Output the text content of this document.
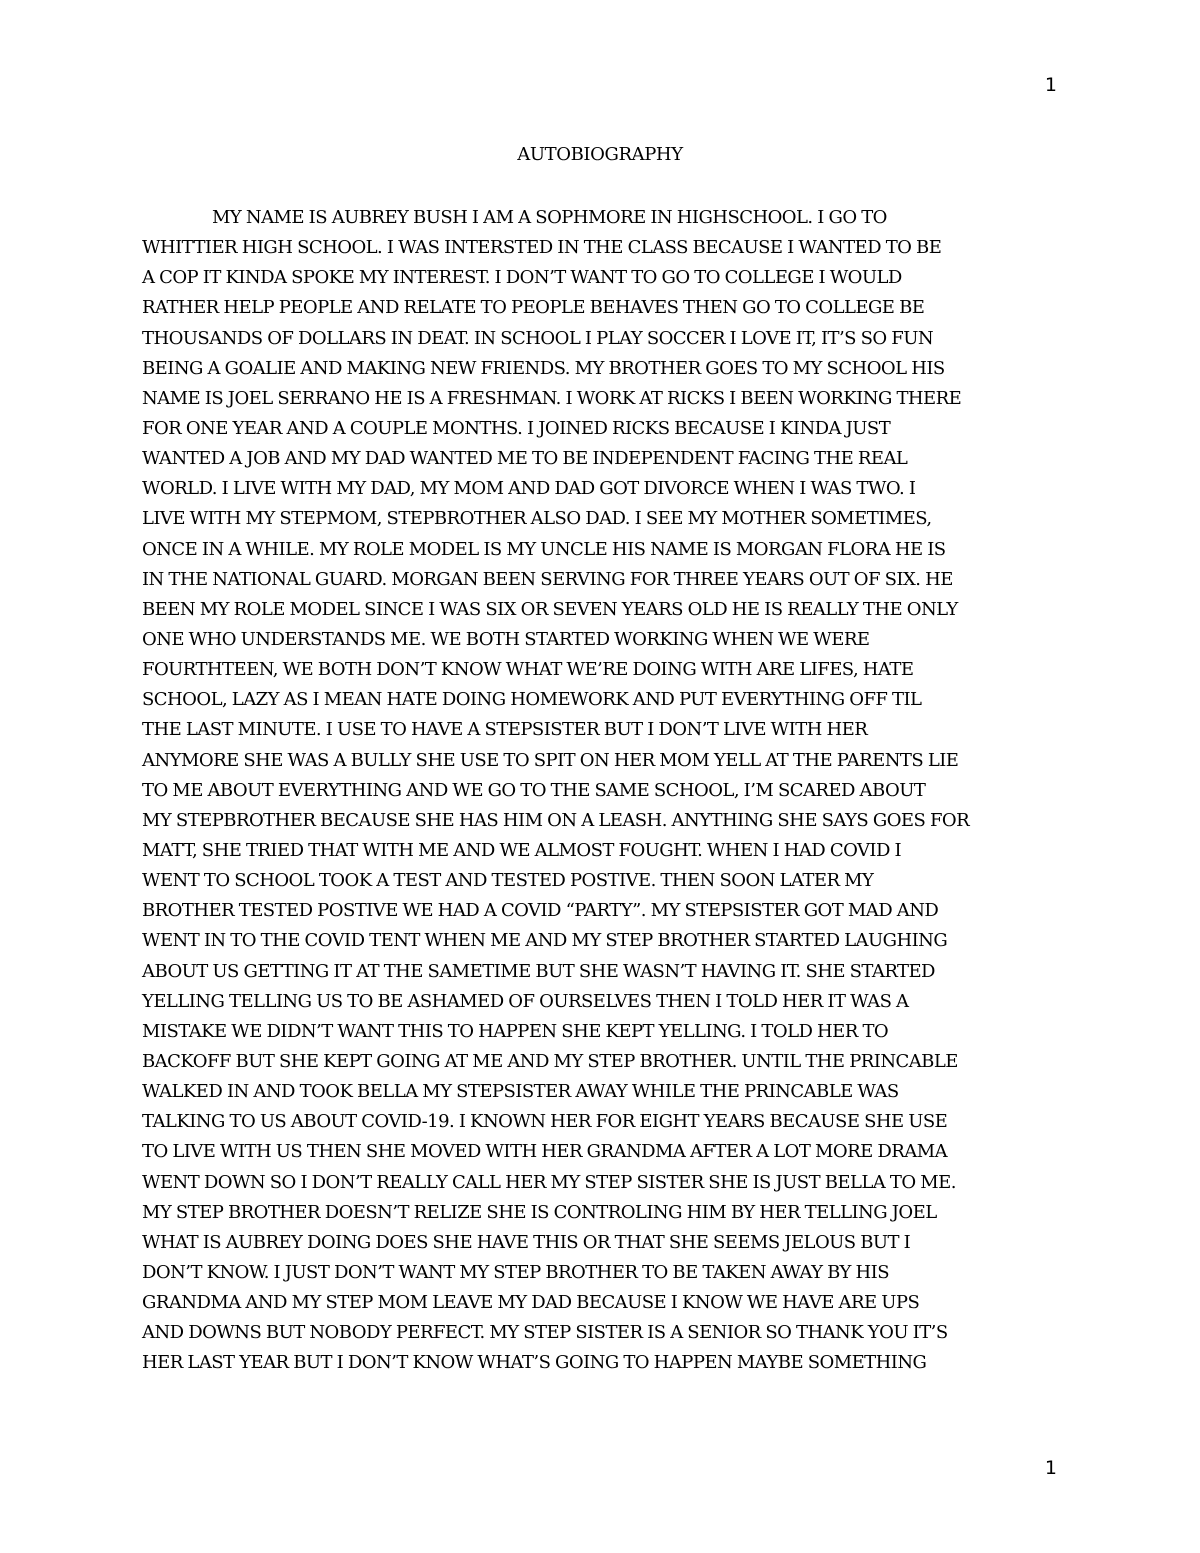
1
AUTOBIOGRAPHY
MY NAME IS AUBREY BUSH I AM A SOPHMORE IN HIGHSCHOOL. I GO TO
WHITTIER HIGH SCHOOL. I WAS INTERSTED IN THE CLASS BECAUSE I WANTED TO BE
A COP IT KINDA SPOKE MY INTEREST. I DON’T WANT TO GO TO COLLEGE I WOULD
RATHER HELP PEOPLE AND RELATE TO PEOPLE BEHAVES THEN GO TO COLLEGE BE
THOUSANDS OF DOLLARS IN DEAT. IN SCHOOL I PLAY SOCCER I LOVE IT, IT’S SO FUN
BEING A GOALIE AND MAKING NEW FRIENDS. MY BROTHER GOES TO MY SCHOOL HIS
NAME IS JOEL SERRANO HE IS A FRESHMAN. I WORK AT RICKS I BEEN WORKING THERE
FOR ONE YEAR AND A COUPLE MONTHS. I JOINED RICKS BECAUSE I KINDA JUST
WANTED A JOB AND MY DAD WANTED ME TO BE INDEPENDENT FACING THE REAL
WORLD. I LIVE WITH MY DAD, MY MOM AND DAD GOT DIVORCE WHEN I WAS TWO. I
LIVE WITH MY STEPMOM, STEPBROTHER ALSO DAD. I SEE MY MOTHER SOMETIMES,
ONCE IN A WHILE. MY ROLE MODEL IS MY UNCLE HIS NAME IS MORGAN FLORA HE IS
IN THE NATIONAL GUARD. MORGAN BEEN SERVING FOR THREE YEARS OUT OF SIX. HE
BEEN MY ROLE MODEL SINCE I WAS SIX OR SEVEN YEARS OLD HE IS REALLY THE ONLY
ONE WHO UNDERSTANDS ME. WE BOTH STARTED WORKING WHEN WE WERE
FOURTHTEEN, WE BOTH DON’T KNOW WHAT WE’RE DOING WITH ARE LIFES, HATE
SCHOOL, LAZY AS I MEAN HATE DOING HOMEWORK AND PUT EVERYTHING OFF TIL
THE LAST MINUTE. I USE TO HAVE A STEPSISTER BUT I DON’T LIVE WITH HER
ANYMORE SHE WAS A BULLY SHE USE TO SPIT ON HER MOM YELL AT THE PARENTS LIE
TO ME ABOUT EVERYTHING AND WE GO TO THE SAME SCHOOL, I’M SCARED ABOUT
MY STEPBROTHER BECAUSE SHE HAS HIM ON A LEASH. ANYTHING SHE SAYS GOES FOR
MATT, SHE TRIED THAT WITH ME AND WE ALMOST FOUGHT. WHEN I HAD COVID I
WENT TO SCHOOL TOOK A TEST AND TESTED POSTIVE. THEN SOON LATER MY
BROTHER TESTED POSTIVE WE HAD A COVID “PARTY”. MY STEPSISTER GOT MAD AND
WENT IN TO THE COVID TENT WHEN ME AND MY STEP BROTHER STARTED LAUGHING
ABOUT US GETTING IT AT THE SAMETIME BUT SHE WASN’T HAVING IT. SHE STARTED
YELLING TELLING US TO BE ASHAMED OF OURSELVES THEN I TOLD HER IT WAS A
MISTAKE WE DIDN’T WANT THIS TO HAPPEN SHE KEPT YELLING. I TOLD HER TO
BACKOFF BUT SHE KEPT GOING AT ME AND MY STEP BROTHER. UNTIL THE PRINCABLE
WALKED IN AND TOOK BELLA MY STEPSISTER AWAY WHILE THE PRINCABLE WAS
TALKING TO US ABOUT COVID-19. I KNOWN HER FOR EIGHT YEARS BECAUSE SHE USE
TO LIVE WITH US THEN SHE MOVED WITH HER GRANDMA AFTER A LOT MORE DRAMA
WENT DOWN SO I DON’T REALLY CALL HER MY STEP SISTER SHE IS JUST BELLA TO ME.
MY STEP BROTHER DOESN’T RELIZE SHE IS CONTROLING HIM BY HER TELLING JOEL
WHAT IS AUBREY DOING DOES SHE HAVE THIS OR THAT SHE SEEMS JELOUS BUT I
DON’T KNOW. I JUST DON’T WANT MY STEP BROTHER TO BE TAKEN AWAY BY HIS
GRANDMA AND MY STEP MOM LEAVE MY DAD BECAUSE I KNOW WE HAVE ARE UPS
AND DOWNS BUT NOBODY PERFECT. MY STEP SISTER IS A SENIOR SO THANK YOU IT’S
HER LAST YEAR BUT I DON’T KNOW WHAT’S GOING TO HAPPEN MAYBE SOMETHING
1
